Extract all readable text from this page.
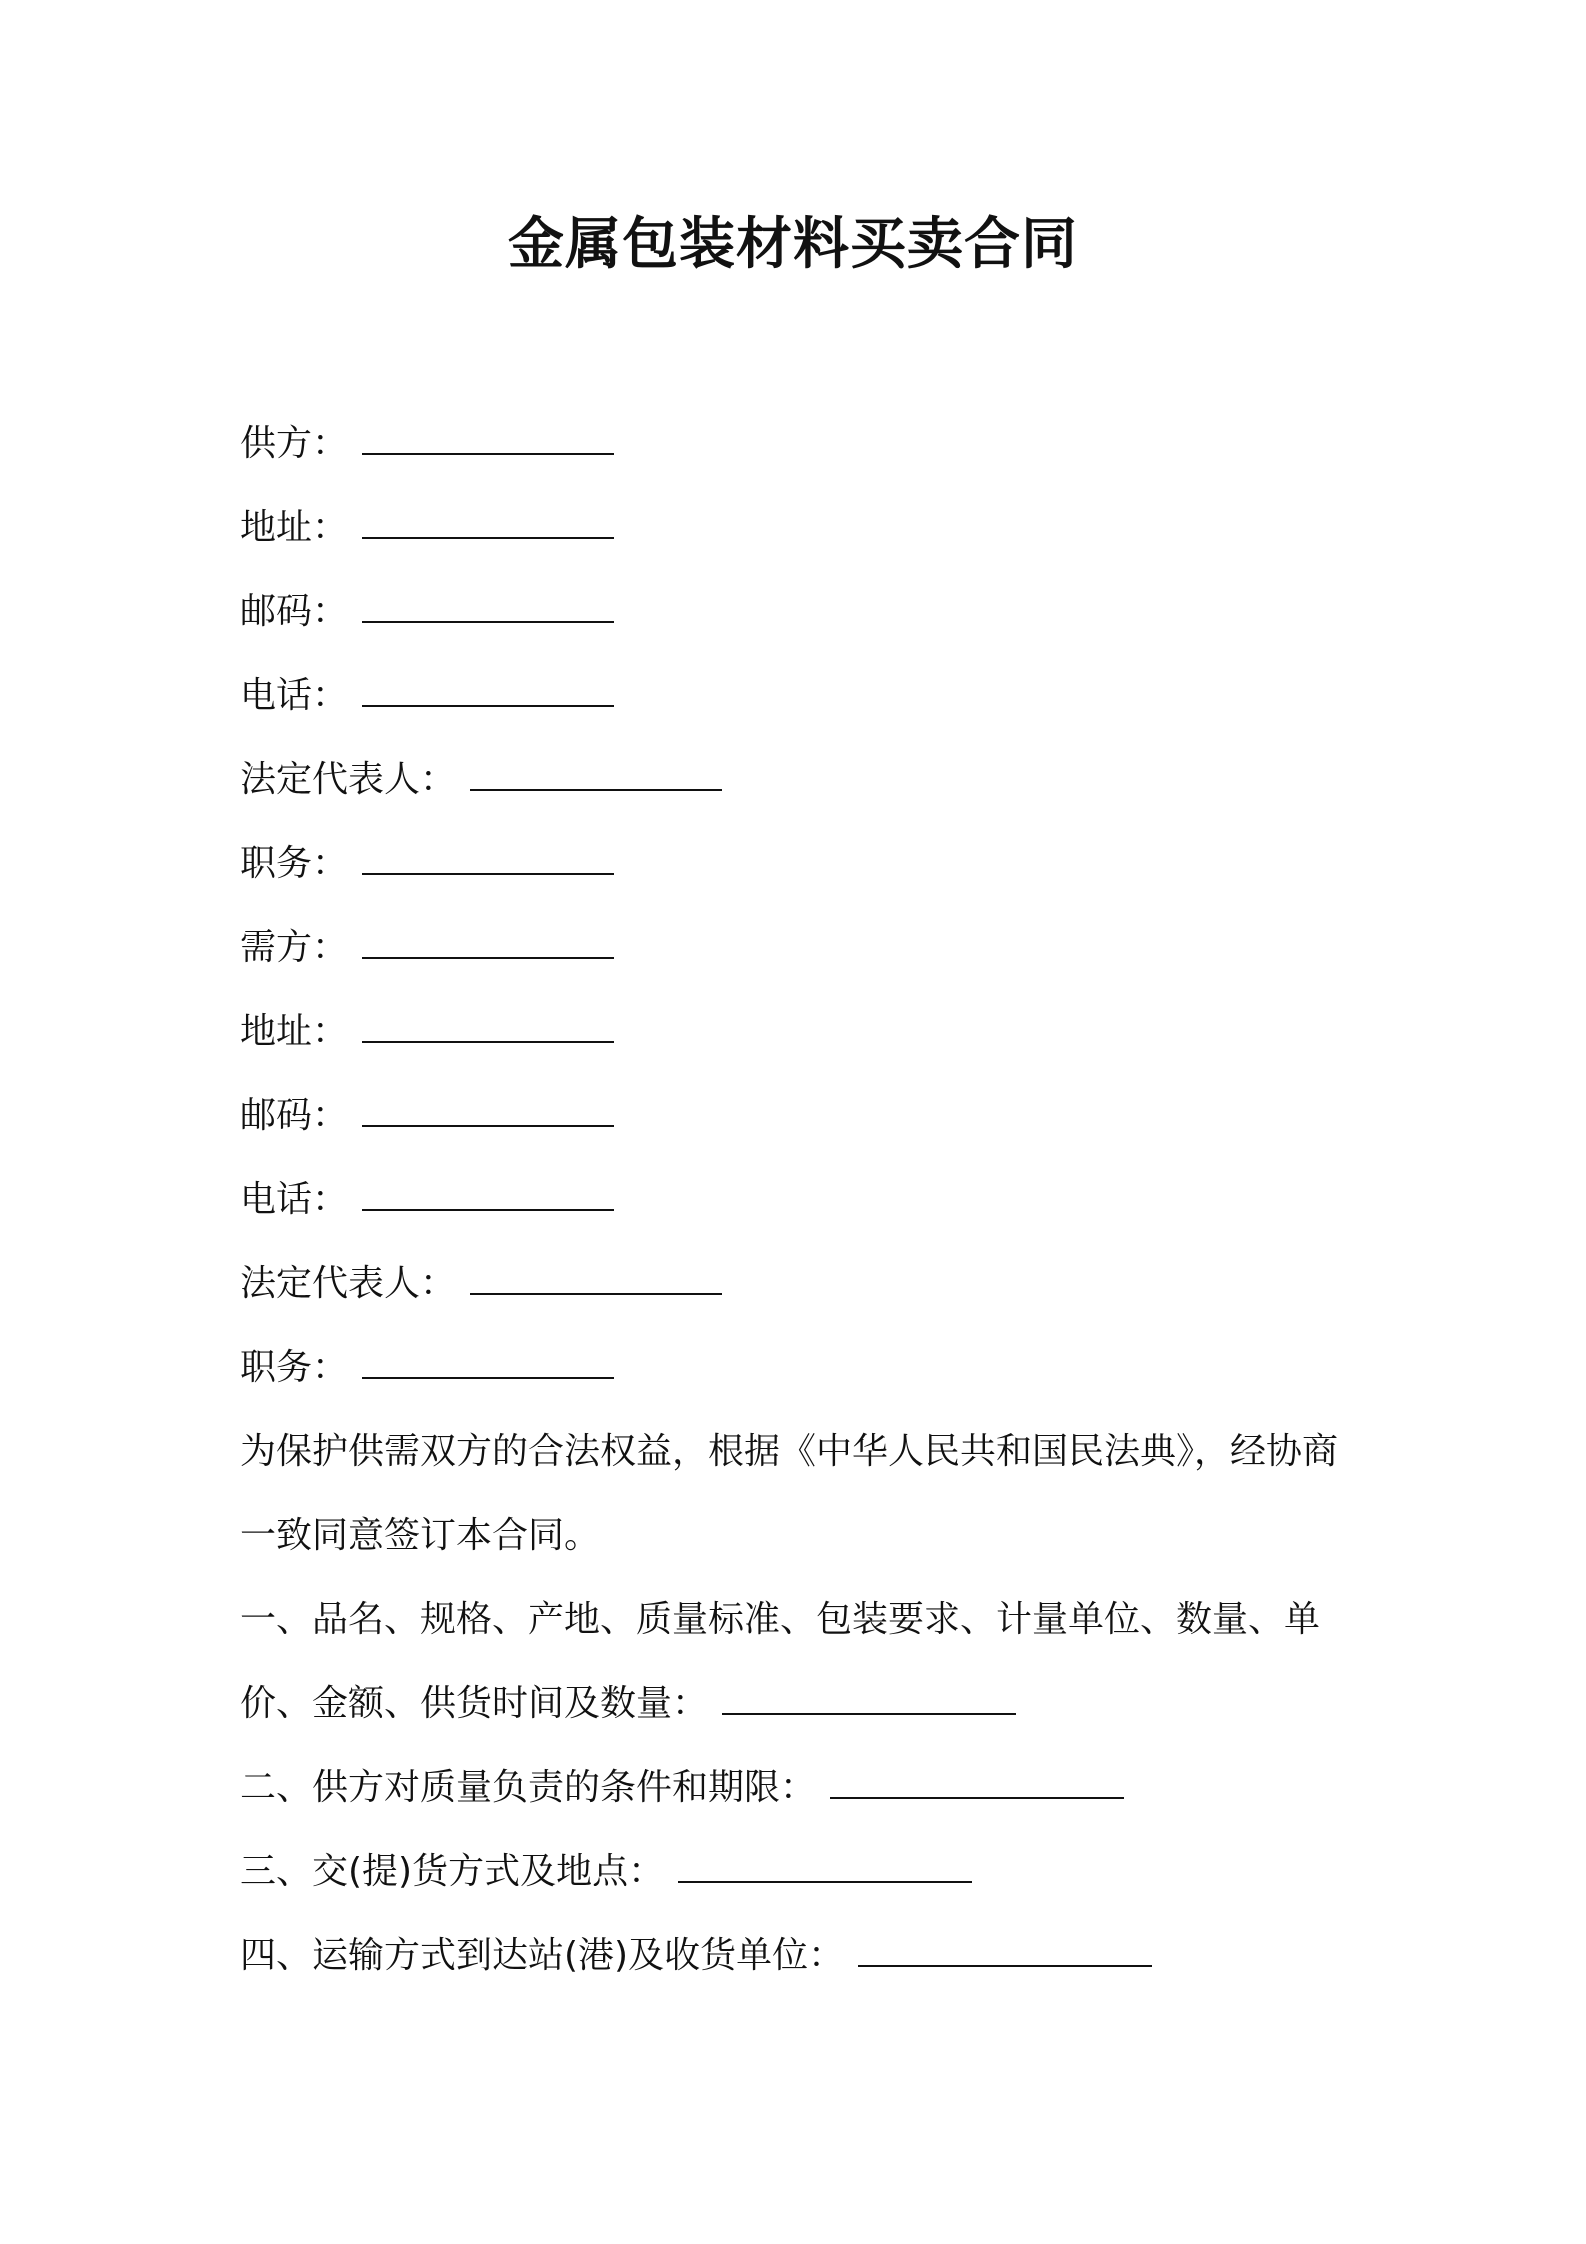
金属包装材料买卖合同
供方：
地址：
邮码：
电话：
法定代表人：
职务：
需方：
地址：
邮码：
电话：
法定代表人：
职务：
为保护供需双方的合法权益，根据《中华人民共和国民法典》，经协商一致同意签订本合同。
一、品名、规格、产地、质量标准、包装要求、计量单位、数量、单价、金额、供货时间及数量：
二、供方对质量负责的条件和期限：
三、交(提)货方式及地点：
四、运输方式到达站(港)及收货单位：
